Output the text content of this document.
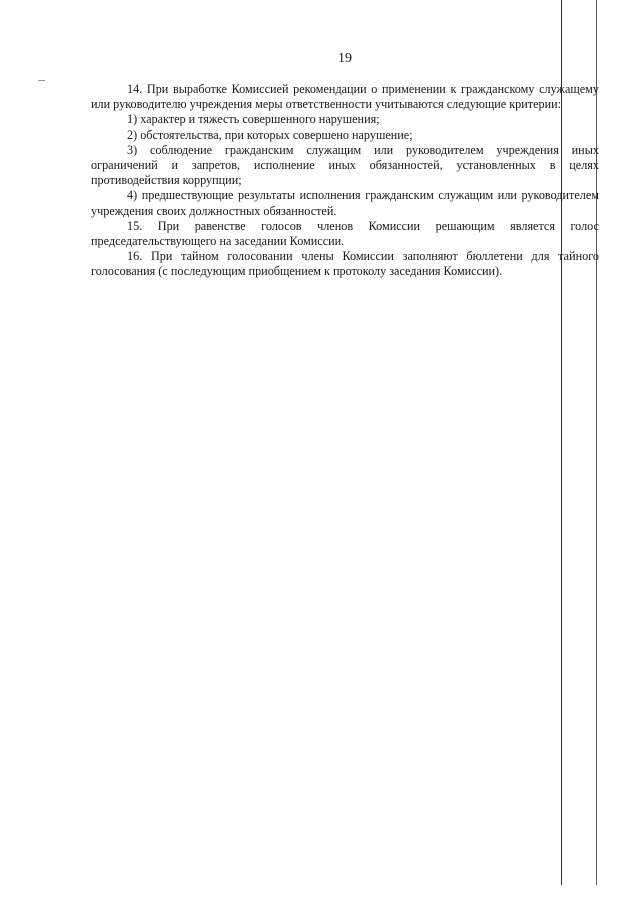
19

14. При выработке Комиссией рекомендации о применении к гражданскому служащему или руководителю учреждения меры ответственности учитываются следующие критерии:

1) характер и тяжесть совершенного нарушения;

2) обстоятельства, при которых совершено нарушение;

3) соблюдение гражданским служащим или руководителем учреждения иных ограничений и запретов, исполнение иных обязанностей, установленных в целях противодействия коррупции;

4) предшествующие результаты исполнения гражданским служащим или руководителем учреждения своих должностных обязанностей.

15. При равенстве голосов членов Комиссии решающим является голос председательствующего на заседании Комиссии.

16. При тайном голосовании члены Комиссии заполняют бюллетени для тайного голосования (с последующим приобщением к протоколу заседания Комиссии).
